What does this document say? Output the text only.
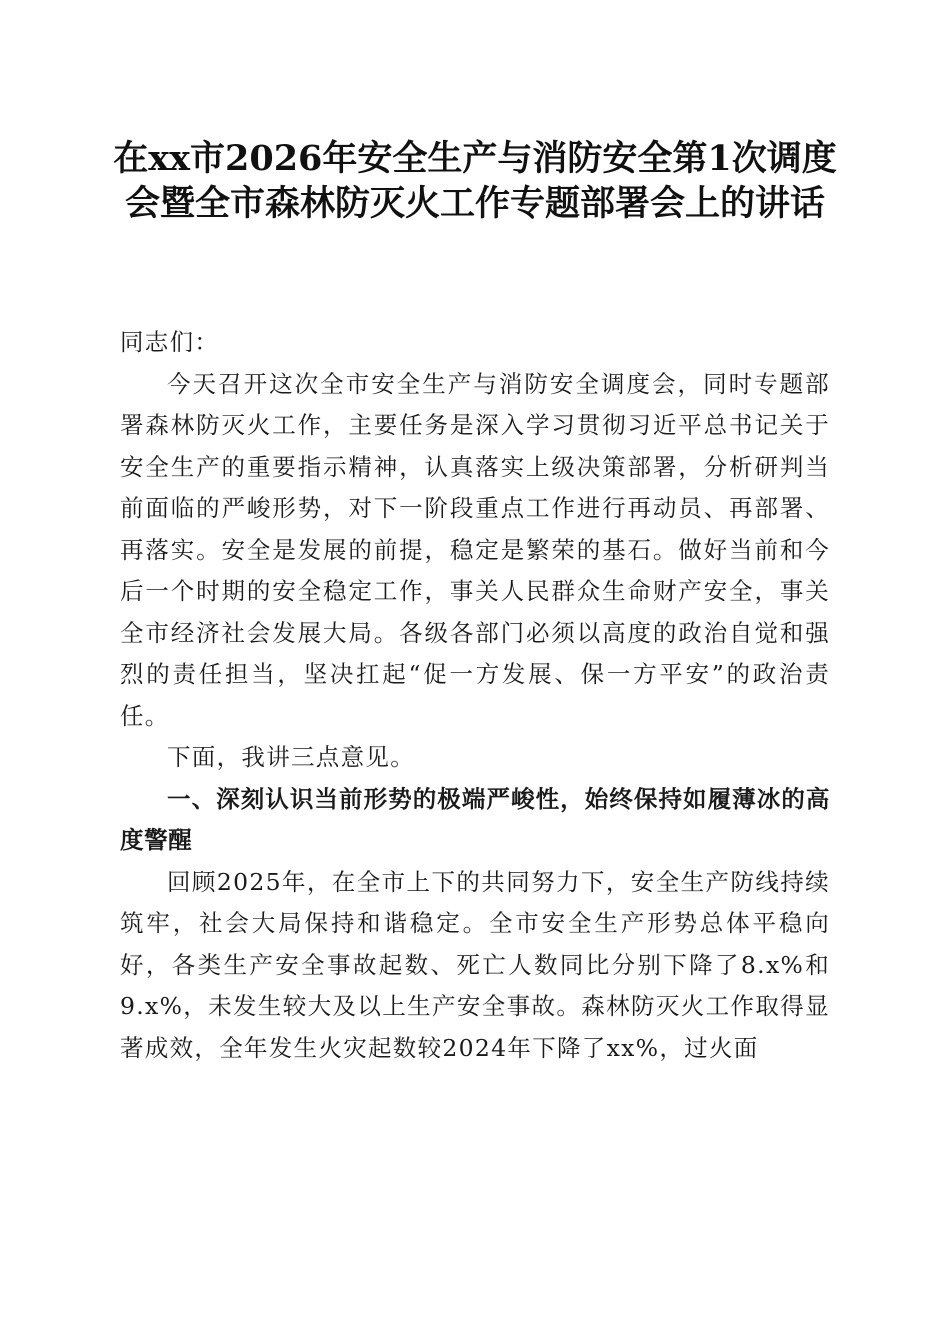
在xx市2026年安全生产与消防安全第1次调度会暨全市森林防灭火工作专题部署会上的讲话

同志们：

今天召开这次全市安全生产与消防安全调度会，同时专题部署森林防灭火工作，主要任务是深入学习贯彻习近平总书记关于安全生产的重要指示精神，认真落实上级决策部署，分析研判当前面临的严峻形势，对下一阶段重点工作进行再动员、再部署、再落实。安全是发展的前提，稳定是繁荣的基石。做好当前和今后一个时期的安全稳定工作，事关人民群众生命财产安全，事关全市经济社会发展大局。各级各部门必须以高度的政治自觉和强烈的责任担当，坚决扛起“促一方发展、保一方平安”的政治责任。

下面，我讲三点意见。

一、深刻认识当前形势的极端严峻性，始终保持如履薄冰的高度警醒

回顾2025年，在全市上下的共同努力下，安全生产防线持续筑牢，社会大局保持和谐稳定。全市安全生产形势总体平稳向好，各类生产安全事故起数、死亡人数同比分别下降了8.x%和9.x%，未发生较大及以上生产安全事故。森林防灭火工作取得显著成效，全年发生火灾起数较2024年下降了xx%，过火面
